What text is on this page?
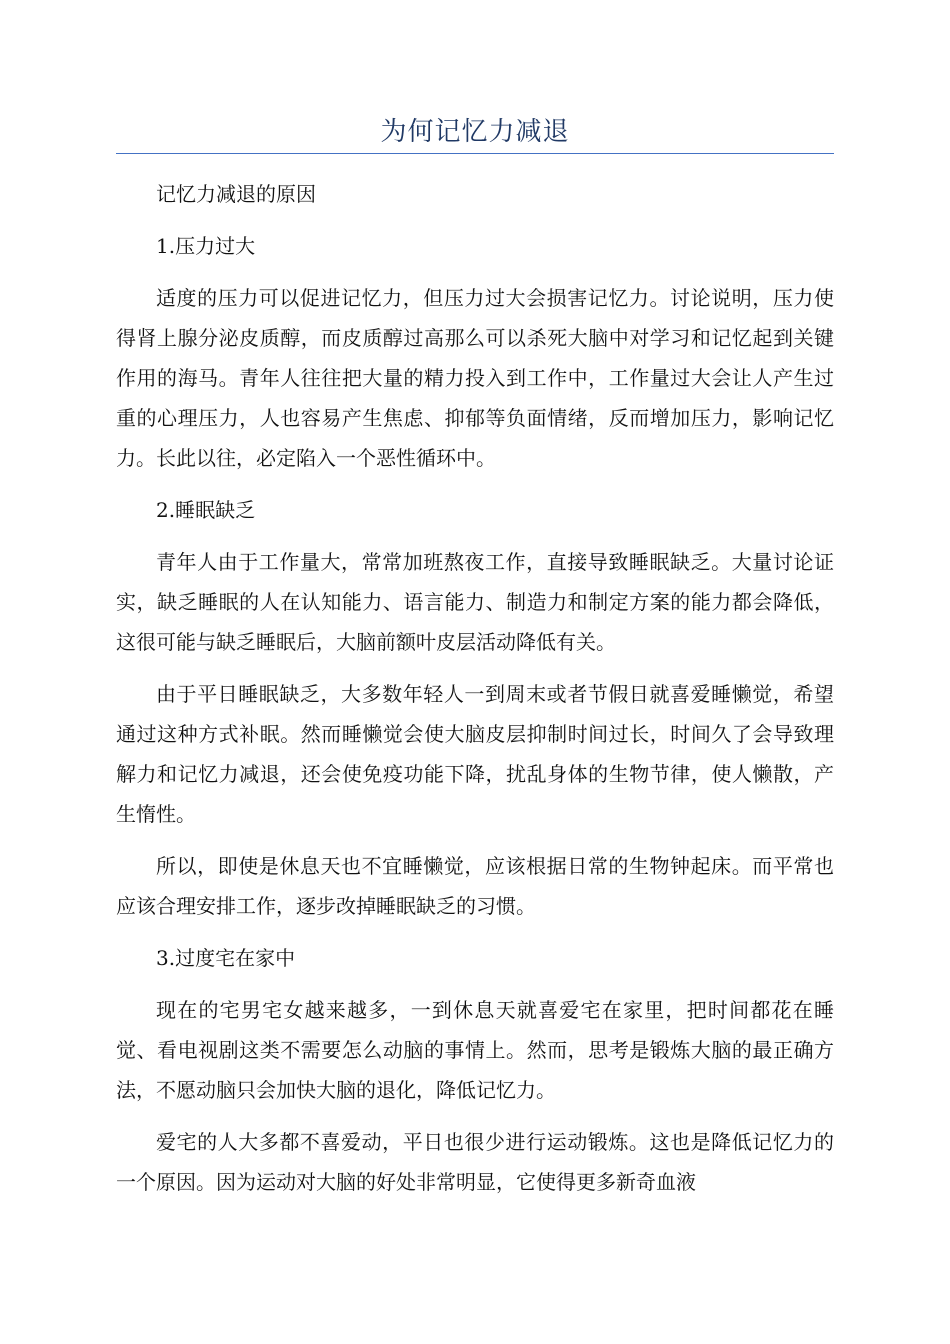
为何记忆力减退

记忆力减退的原因

1.压力过大

适度的压力可以促进记忆力，但压力过大会损害记忆力。讨论说明，压力使得肾上腺分泌皮质醇，而皮质醇过高那么可以杀死大脑中对学习和记忆起到关键作用的海马。青年人往往把大量的精力投入到工作中，工作量过大会让人产生过重的心理压力，人也容易产生焦虑、抑郁等负面情绪，反而增加压力，影响记忆力。长此以往，必定陷入一个恶性循环中。

2.睡眠缺乏

青年人由于工作量大，常常加班熬夜工作，直接导致睡眠缺乏。大量讨论证实，缺乏睡眠的人在认知能力、语言能力、制造力和制定方案的能力都会降低，这很可能与缺乏睡眠后，大脑前额叶皮层活动降低有关。

由于平日睡眠缺乏，大多数年轻人一到周末或者节假日就喜爱睡懒觉，希望通过这种方式补眠。然而睡懒觉会使大脑皮层抑制时间过长，时间久了会导致理解力和记忆力减退，还会使免疫功能下降，扰乱身体的生物节律，使人懒散，产生惰性。

所以，即使是休息天也不宜睡懒觉，应该根据日常的生物钟起床。而平常也应该合理安排工作，逐步改掉睡眠缺乏的习惯。

3.过度宅在家中

现在的宅男宅女越来越多，一到休息天就喜爱宅在家里，把时间都花在睡觉、看电视剧这类不需要怎么动脑的事情上。然而，思考是锻炼大脑的最正确方法，不愿动脑只会加快大脑的退化，降低记忆力。

爱宅的人大多都不喜爱动，平日也很少进行运动锻炼。这也是降低记忆力的一个原因。因为运动对大脑的好处非常明显，它使得更多新奇血液
